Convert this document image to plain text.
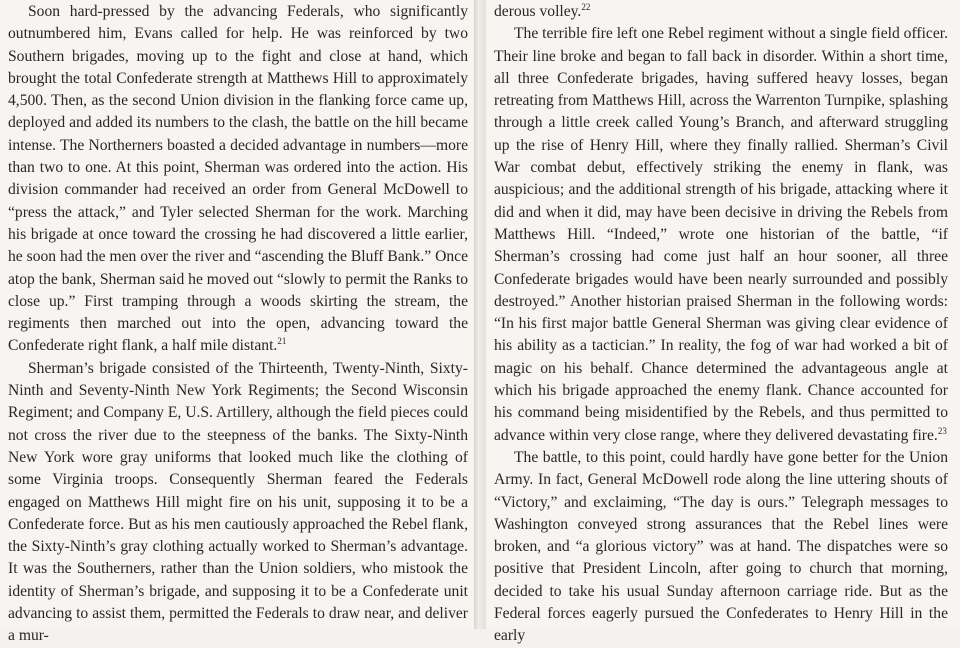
Soon hard-pressed by the advancing Federals, who significantly outnumbered him, Evans called for help. He was reinforced by two Southern brigades, moving up to the fight and close at hand, which brought the total Confederate strength at Matthews Hill to approximately 4,500. Then, as the second Union division in the flanking force came up, deployed and added its numbers to the clash, the battle on the hill became intense. The Northerners boasted a decided advantage in numbers—more than two to one. At this point, Sherman was ordered into the action. His division commander had received an order from General McDowell to “press the attack,” and Tyler selected Sherman for the work. Marching his brigade at once toward the crossing he had discovered a little earlier, he soon had the men over the river and “ascending the Bluff Bank.” Once atop the bank, Sherman said he moved out “slowly to permit the Ranks to close up.” First tramping through a woods skirting the stream, the regiments then marched out into the open, advancing toward the Confederate right flank, a half mile distant.$^{21}$

Sherman’s brigade consisted of the Thirteenth, Twenty-Ninth, Sixty-Ninth and Seventy-Ninth New York Regiments; the Second Wisconsin Regiment; and Company E, U.S. Artillery, although the field pieces could not cross the river due to the steepness of the banks. The Sixty-Ninth New York wore gray uniforms that looked much like the clothing of some Virginia troops. Consequently Sherman feared the Federals engaged on Matthews Hill might fire on his unit, supposing it to be a Confederate force. But as his men cautiously approached the Rebel flank, the Sixty-Ninth’s gray clothing actually worked to Sherman’s advantage. It was the Southerners, rather than the Union soldiers, who mistook the identity of Sherman’s brigade, and supposing it to be a Confederate unit advancing to assist them, permitted the Federals to draw near, and deliver a mur-

derous volley.$^{22}$

The terrible fire left one Rebel regiment without a single field officer. Their line broke and began to fall back in disorder. Within a short time, all three Confederate brigades, having suffered heavy losses, began retreating from Matthews Hill, across the Warrenton Turnpike, splashing through a little creek called Young’s Branch, and afterward struggling up the rise of Henry Hill, where they finally rallied. Sherman’s Civil War combat debut, effectively striking the enemy in flank, was auspicious; and the additional strength of his brigade, attacking where it did and when it did, may have been decisive in driving the Rebels from Matthews Hill. “Indeed,” wrote one historian of the battle, “if Sherman’s crossing had come just half an hour sooner, all three Confederate brigades would have been nearly surrounded and possibly destroyed.” Another historian praised Sherman in the following words: “In his first major battle General Sherman was giving clear evidence of his ability as a tactician.” In reality, the fog of war had worked a bit of magic on his behalf. Chance determined the advantageous angle at which his brigade approached the enemy flank. Chance accounted for his command being misidentified by the Rebels, and thus permitted to advance within very close range, where they delivered devastating fire.$^{23}$

The battle, to this point, could hardly have gone better for the Union Army. In fact, General McDowell rode along the line uttering shouts of “Victory,” and exclaiming, “The day is ours.” Telegraph messages to Washington conveyed strong assurances that the Rebel lines were broken, and “a glorious victory” was at hand. The dispatches were so positive that President Lincoln, after going to church that morning, decided to take his usual Sunday afternoon carriage ride. But as the Federal forces eagerly pursued the Confederates to Henry Hill in the early
